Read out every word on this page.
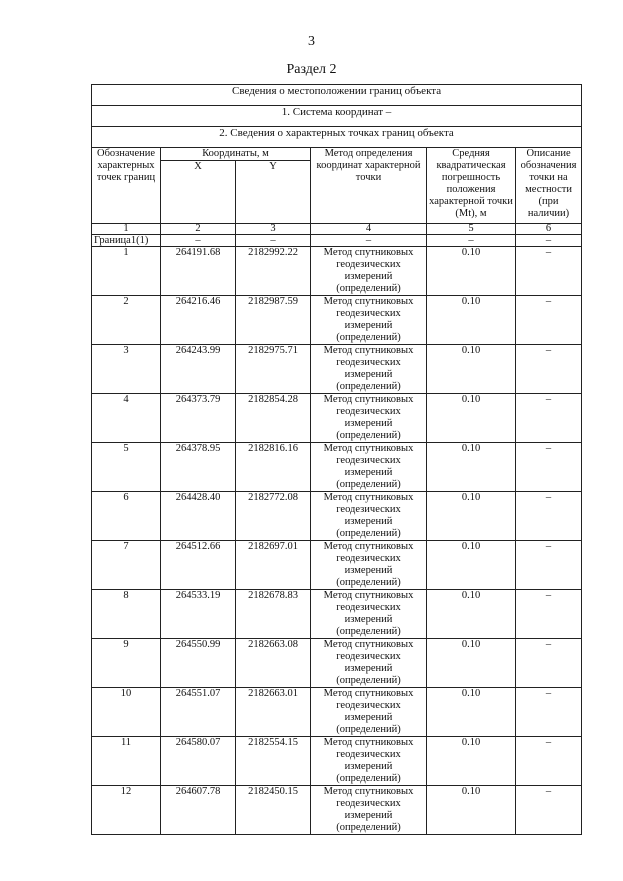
3
Раздел 2
Сведения о местоположении границ объекта					
1. Система координат –					
2. Сведения о характерных точках границ объекта					
Обозначение характерных точек границ	Координаты, м		Метод определения координат характерной точки	Средняя квадратическая погрешность положения характерной точки (Mt), м	Описание обозначения точки на местности (при наличии)
	X	Y			
1	2	3	4	5	6
Граница1(1)	–	–	–	–	–
1	264191.68	2182992.22	Метод спутниковых геодезических измерений (определений)	0.10	–
2	264216.46	2182987.59	Метод спутниковых геодезических измерений (определений)	0.10	–
3	264243.99	2182975.71	Метод спутниковых геодезических измерений (определений)	0.10	–
4	264373.79	2182854.28	Метод спутниковых геодезических измерений (определений)	0.10	–
5	264378.95	2182816.16	Метод спутниковых геодезических измерений (определений)	0.10	–
6	264428.40	2182772.08	Метод спутниковых геодезических измерений (определений)	0.10	–
7	264512.66	2182697.01	Метод спутниковых геодезических измерений (определений)	0.10	–
8	264533.19	2182678.83	Метод спутниковых геодезических измерений (определений)	0.10	–
9	264550.99	2182663.08	Метод спутниковых геодезических измерений (определений)	0.10	–
10	264551.07	2182663.01	Метод спутниковых геодезических измерений (определений)	0.10	–
11	264580.07	2182554.15	Метод спутниковых геодезических измерений (определений)	0.10	–
12	264607.78	2182450.15	Метод спутниковых геодезических измерений (определений)	0.10	–
